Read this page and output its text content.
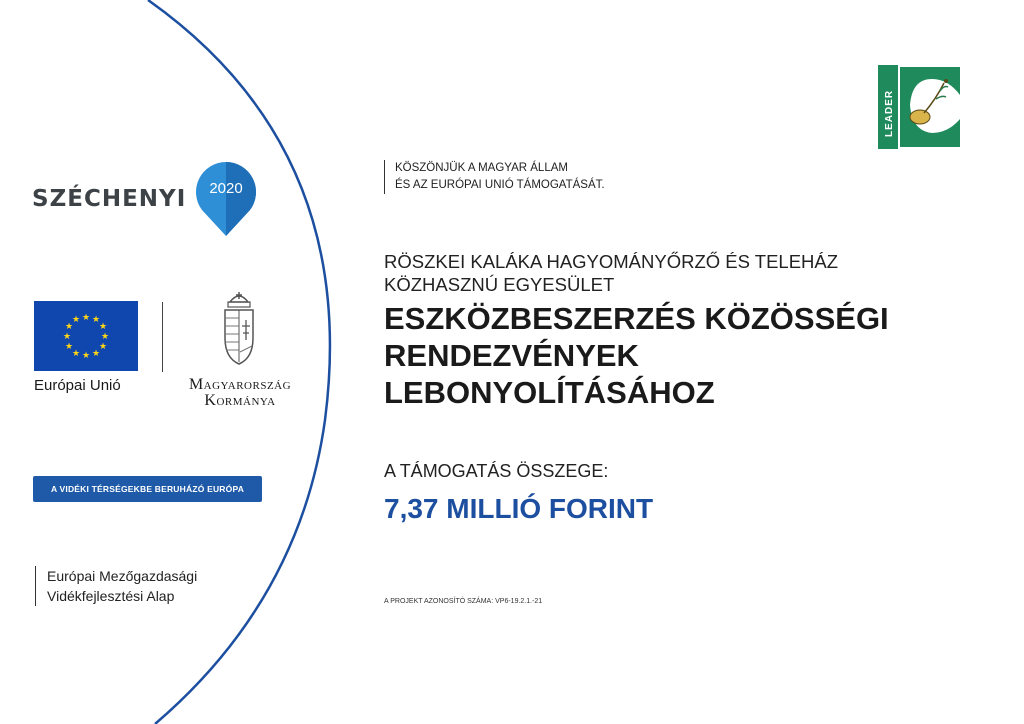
SZÉCHENYI 2020
★ ★
★
★
★
★
★
★
★
★
★
★
Európai Unió	Magyarország
Kormánya
A VIDÉKI TÉRSÉGEKBE BERUHÁZÓ EURÓPA
Európai Mezőgazdasági
Vidékfejlesztési Alap
LEADER
KÖSZÖNJÜK A MAGYAR ÁLLAM
ÉS AZ EURÓPAI UNIÓ TÁMOGATÁSÁT.
RÖSZKEI KALÁKA HAGYOMÁNYŐRZŐ ÉS TELEHÁZ
KÖZHASZNÚ EGYESÜLET
ESZKÖZBESZERZÉS KÖZÖSSÉGI
RENDEZVÉNYEK
LEBONYOLÍTÁSÁHOZ
A TÁMOGATÁS ÖSSZEGE:
7,37 MILLIÓ FORINT
A PROJEKT AZONOSÍTÓ SZÁMA: VP6-19.2.1.-21
